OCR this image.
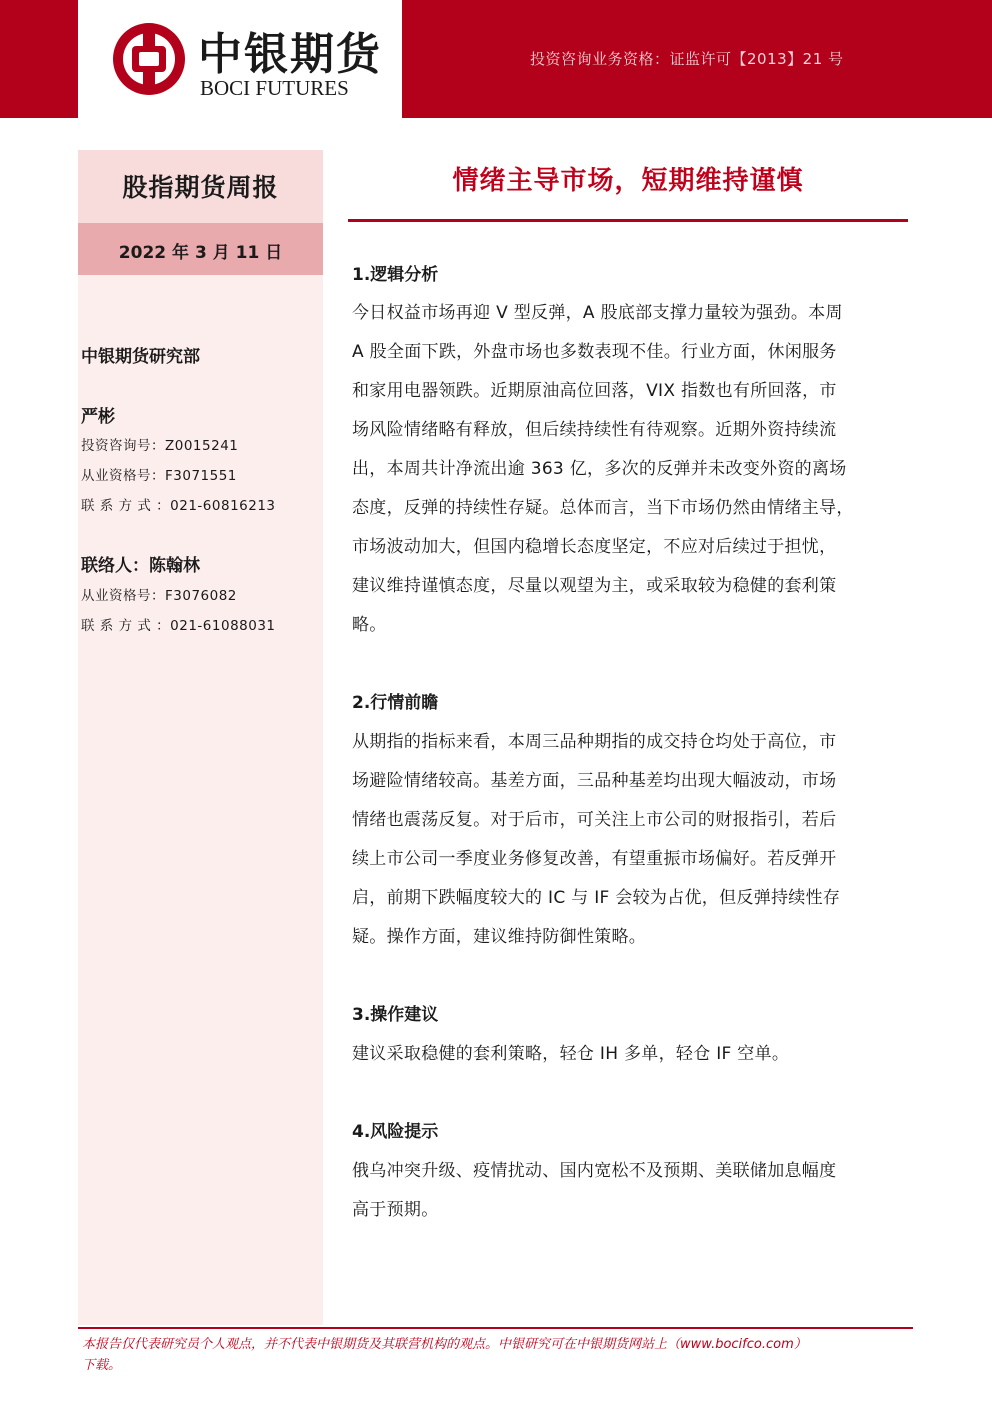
中银期货
BOCI FUTURES
投资咨询业务资格：证监许可【2013】21 号
股指期货周报
2022 年 3 月 11 日
中银期货研究部
严彬
投资咨询号：Z0015241
从业资格号：F3071551
联 系 方 式 ：021-60816213
联络人：陈翰林
从业资格号：F3076082
联 系 方 式 ：021-61088031
情绪主导市场，短期维持谨慎
1.逻辑分析
今日权益市场再迎 V 型反弹，A 股底部支撑力量较为强劲。本周
A 股全面下跌，外盘市场也多数表现不佳。行业方面，休闲服务
和家用电器领跌。近期原油高位回落，VIX 指数也有所回落，市
场风险情绪略有释放，但后续持续性有待观察。近期外资持续流
出，本周共计净流出逾 363 亿，多次的反弹并未改变外资的离场
态度，反弹的持续性存疑。总体而言，当下市场仍然由情绪主导，
市场波动加大，但国内稳增长态度坚定，不应对后续过于担忧，
建议维持谨慎态度，尽量以观望为主，或采取较为稳健的套利策
略。
2.行情前瞻
从期指的指标来看，本周三品种期指的成交持仓均处于高位，市
场避险情绪较高。基差方面，三品种基差均出现大幅波动，市场
情绪也震荡反复。对于后市，可关注上市公司的财报指引，若后
续上市公司一季度业务修复改善，有望重振市场偏好。若反弹开
启，前期下跌幅度较大的 IC 与 IF 会较为占优，但反弹持续性存
疑。操作方面，建议维持防御性策略。
3.操作建议
建议采取稳健的套利策略，轻仓 IH 多单，轻仓 IF 空单。
4.风险提示
俄乌冲突升级、疫情扰动、国内宽松不及预期、美联储加息幅度
高于预期。
本报告仅代表研究员个人观点，并不代表中银期货及其联营机构的观点。中银研究可在中银期货网站上（www.bocifco.com）
下载。
